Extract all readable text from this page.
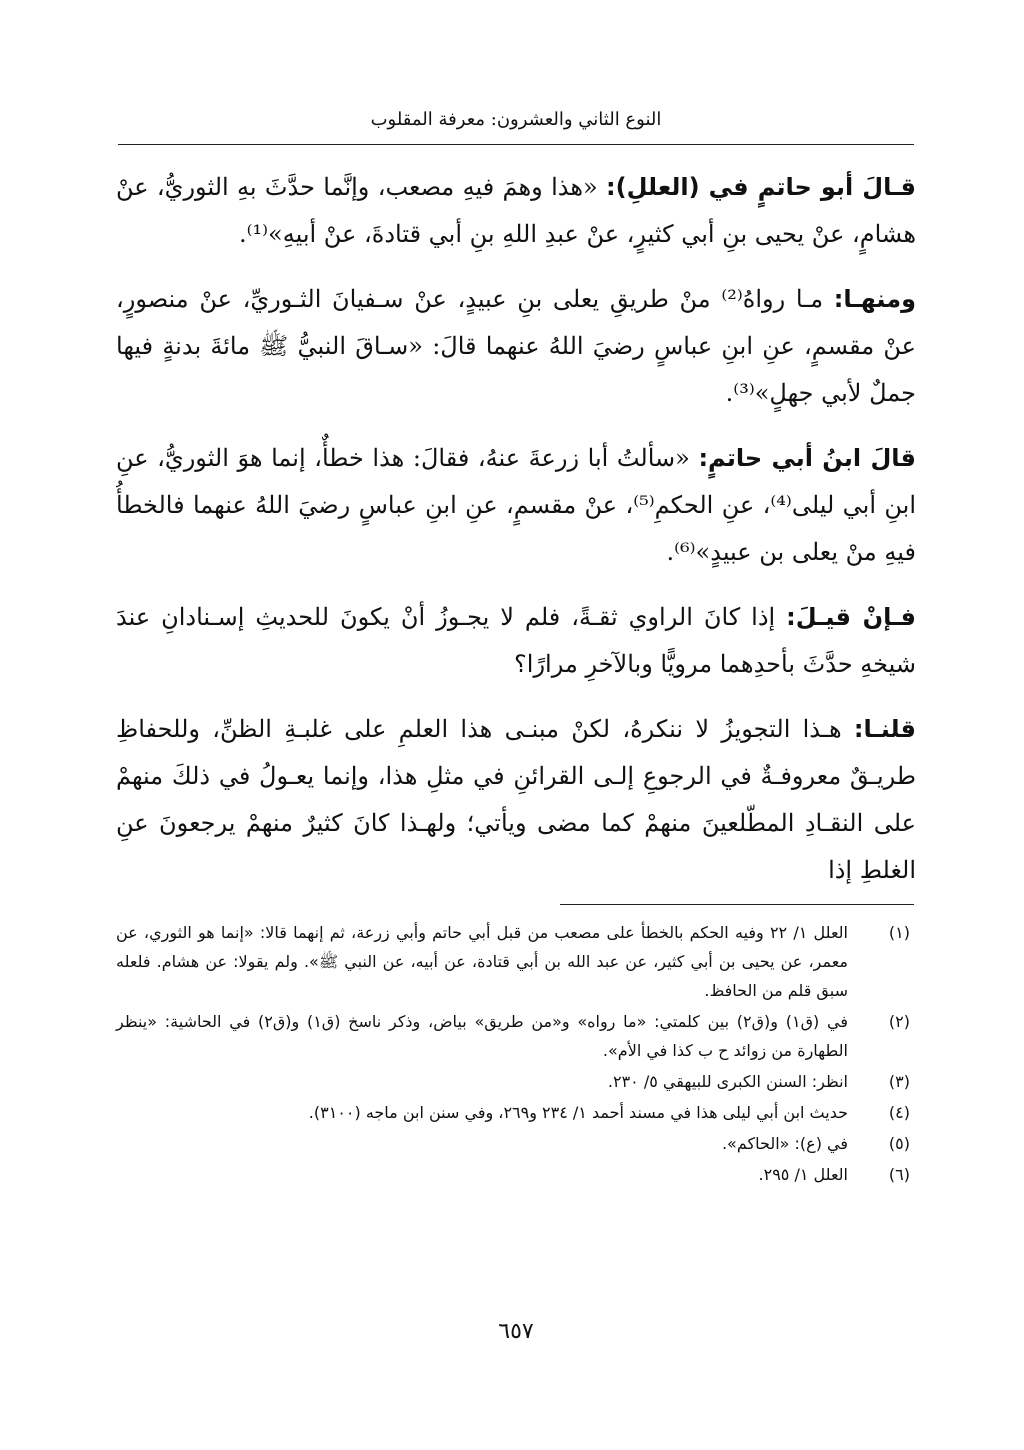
النوع الثاني والعشرون: معرفة المقلوب

قـالَ أبو حاتمٍ في (العللِ): «هذا وهمَ فيهِ مصعب، وإنَّما حدَّثَ بهِ الثوريُّ، عنْ هشامٍ، عنْ يحيى بنِ أبي كثيرٍ، عنْ عبدِ اللهِ بنِ أبي قتادةَ، عنْ أبيهِ»⁽¹⁾.

ومنهـا: مـا رواهُ⁽²⁾ منْ طريقِ يعلى بنِ عبيدٍ، عنْ سـفيانَ الثـوريِّ، عنْ منصورٍ، عنْ مقسمٍ، عنِ ابنِ عباسٍ رضيَ اللهُ عنهما قالَ: «سـاقَ النبيُّ ﷺ مائةَ بدنةٍ فيها جملٌ لأبي جهلٍ»⁽³⁾.

قالَ ابنُ أبي حاتمٍ: «سألتُ أبا زرعةَ عنهُ، فقالَ: هذا خطأٌ، إنما هوَ الثوريُّ، عنِ ابنِ أبي ليلى⁽⁴⁾، عنِ الحكمِ⁽⁵⁾، عنْ مقسمٍ، عنِ ابنِ عباسٍ رضيَ اللهُ عنهما فالخطأُ فيهِ منْ يعلى بن عبيدٍ»⁽⁶⁾.

فـإنْ قيـلَ: إذا كانَ الراوي ثقـةً، فلم لا يجـوزُ أنْ يكونَ للحديثِ إسـنادانِ عندَ شيخهِ حدَّثَ بأحدِهما مرويًّا وبالآخرِ مرارًا؟

قلنـا: هـذا التجويزُ لا ننكرهُ، لكنْ مبنـى هذا العلمِ على غلبـةِ الظنِّ، وللحفاظِ طريـقٌ معروفـةٌ في الرجوعِ إلـى القرائنِ في مثلِ هذا، وإنما يعـولُ في ذلكَ منهمْ على النقـادِ المطّلعينَ منهمْ كما مضى ويأتي؛ ولهـذا كانَ كثيرٌ منهمْ يرجعونَ عنِ الغلطِ إذا

(١)
العلل ١/ ٢٢ وفيه الحكم بالخطأ على مصعب من قبل أبي حاتم وأبي زرعة، ثم إنهما قالا: «إنما هو الثوري، عن معمر، عن يحيى بن أبي كثير، عن عبد الله بن أبي قتادة، عن أبيه، عن النبي ﷺ». ولم يقولا: عن هشام. فلعله سبق قلم من الحافظ.
(٢)
في (ق١) و(ق٢) بين كلمتي: «ما رواه» و«من طريق» بياض، وذكر ناسخ (ق١) و(ق٢) في الحاشية: «ينظر الطهارة من زوائد ح ب كذا في الأم».
(٣)
انظر: السنن الكبرى للبيهقي ٥/ ٢٣٠.
(٤)
حديث ابن أبي ليلى هذا في مسند أحمد ١/ ٢٣٤ و٢٦٩، وفي سنن ابن ماجه (٣١٠٠).
(٥)
في (ع): «الحاكم».
(٦)
العلل ١/ ٢٩٥.
٦٥٧
